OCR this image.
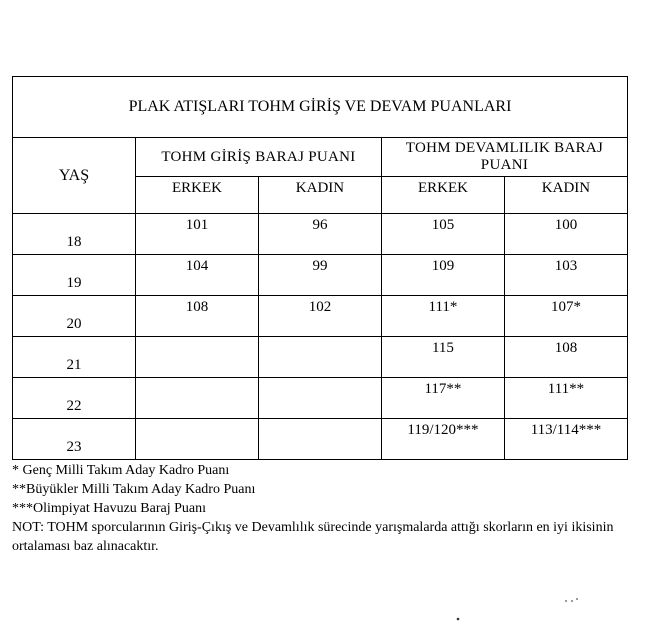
PLAK ATIŞLARI TOHM GİRİŞ VE DEVAM PUANLARI				
YAŞ	TOHM GİRİŞ BARAJ PUANI		TOHM DEVAMLILIK BARAJ PUANI	
	ERKEK	KADIN	ERKEK	KADIN
18	101	96	105	100
19	104	99	109	103
20	108	102	111*	107*
21			115	108
22			117**	111**
23			119/120***	113/114***
* Genç Milli Takım Aday Kadro Puanı
**Büyükler Milli Takım Aday Kadro Puanı
***Olimpiyat Havuzu Baraj Puanı
NOT: TOHM sporcularının Giriş-Çıkış ve Devamlılık sürecinde yarışmalarda attığı skorların en iyi ikisinin ortalaması baz alınacaktır.
